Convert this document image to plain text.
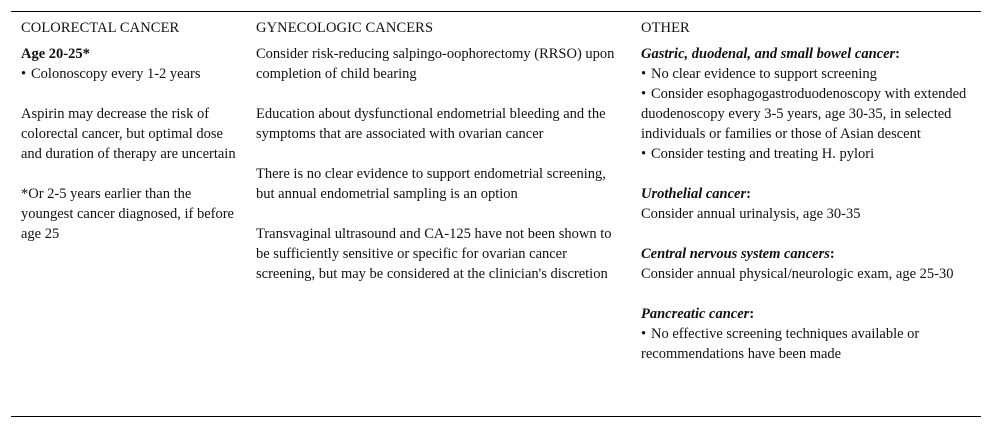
COLORECTAL CANCER

Age 20-25*

• Colonoscopy every 1-2 years

Aspirin may decrease the risk of colorectal cancer, but optimal dose and duration of therapy are uncertain

*Or 2-5 years earlier than the youngest cancer diagnosed, if before age 25

GYNECOLOGIC CANCERS

Consider risk-reducing salpingo-oophorectomy (RRSO) upon completion of child bearing

Education about dysfunctional endometrial bleeding and the symptoms that are associated with ovarian cancer

There is no clear evidence to support endometrial screening, but annual endometrial sampling is an option

Transvaginal ultrasound and CA-125 have not been shown to be sufficiently sensitive or specific for ovarian cancer screening, but may be considered at the clinician's discretion

OTHER

Gastric, duodenal, and small bowel cancer:

• No clear evidence to support screening

• Consider esophagogastroduodenoscopy with extended duodenoscopy every 3-5 years, age 30-35, in selected individuals or families or those of Asian descent

• Consider testing and treating H. pylori

Urothelial cancer:

Consider annual urinalysis, age 30-35

Central nervous system cancers:

Consider annual physical/neurologic exam, age 25-30

Pancreatic cancer:

• No effective screening techniques available or recommendations have been made
